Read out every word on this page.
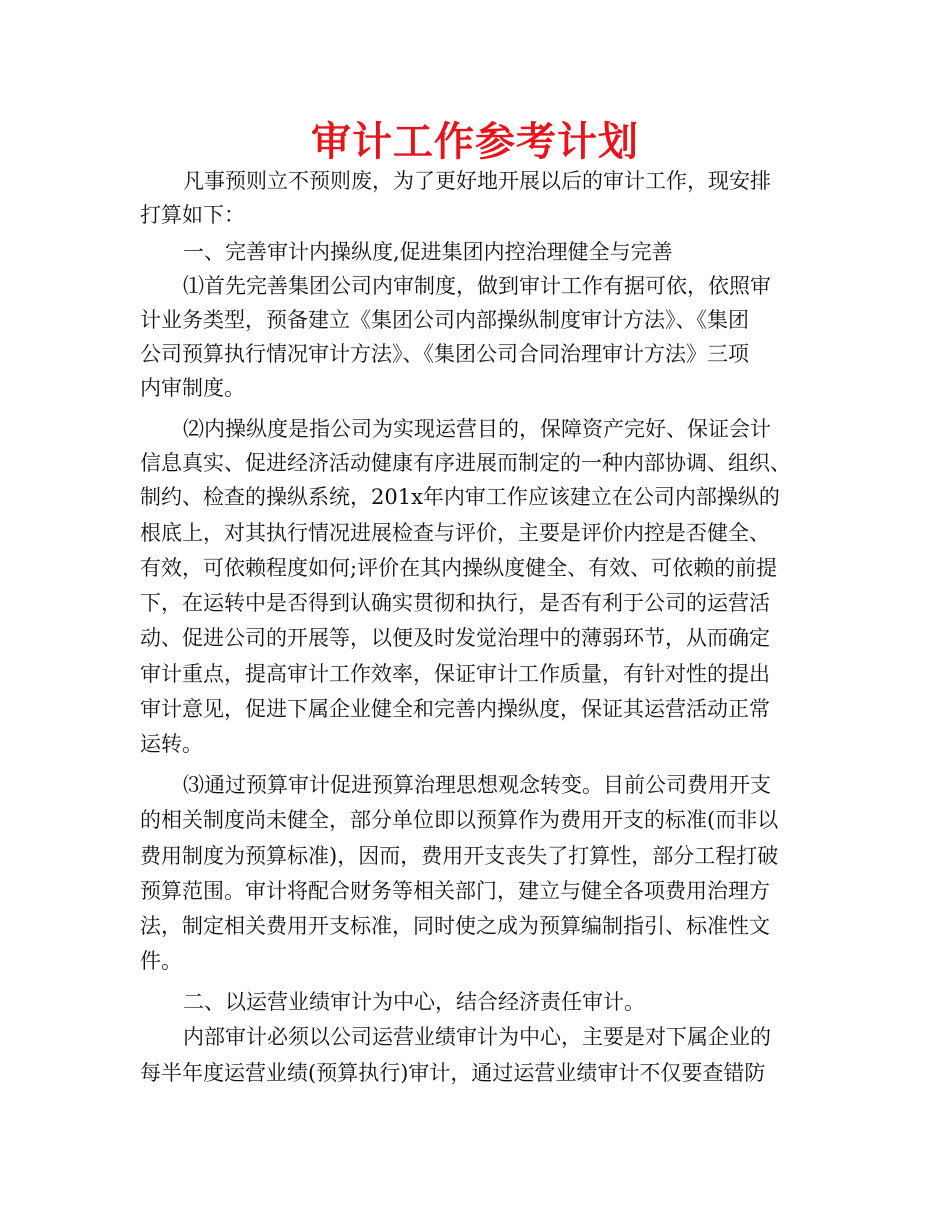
审计工作参考计划
凡事预则立不预则废，为了更好地开展以后的审计工作，现安排
打算如下：
一、完善审计内操纵度,促进集团内控治理健全与完善
⑴首先完善集团公司内审制度，做到审计工作有据可依，依照审
计业务类型，预备建立《集团公司内部操纵制度审计方法》、《集团
公司预算执行情况审计方法》、《集团公司合同治理审计方法》三项
内审制度。
⑵内操纵度是指公司为实现运营目的，保障资产完好、保证会计
信息真实、促进经济活动健康有序进展而制定的一种内部协调、组织、
制约、检查的操纵系统，201x年内审工作应该建立在公司内部操纵的
根底上，对其执行情况进展检查与评价，主要是评价内控是否健全、
有效，可依赖程度如何;评价在其内操纵度健全、有效、可依赖的前提
下，在运转中是否得到认确实贯彻和执行，是否有利于公司的运营活
动、促进公司的开展等，以便及时发觉治理中的薄弱环节，从而确定
审计重点，提高审计工作效率，保证审计工作质量，有针对性的提出
审计意见，促进下属企业健全和完善内操纵度，保证其运营活动正常
运转。
⑶通过预算审计促进预算治理思想观念转变。目前公司费用开支
的相关制度尚未健全，部分单位即以预算作为费用开支的标准(而非以
费用制度为预算标准)，因而，费用开支丧失了打算性，部分工程打破
预算范围。审计将配合财务等相关部门，建立与健全各项费用治理方
法，制定相关费用开支标准，同时使之成为预算编制指引、标准性文
件。
二、以运营业绩审计为中心，结合经济责任审计。
内部审计必须以公司运营业绩审计为中心，主要是对下属企业的
每半年度运营业绩(预算执行)审计，通过运营业绩审计不仅要查错防
